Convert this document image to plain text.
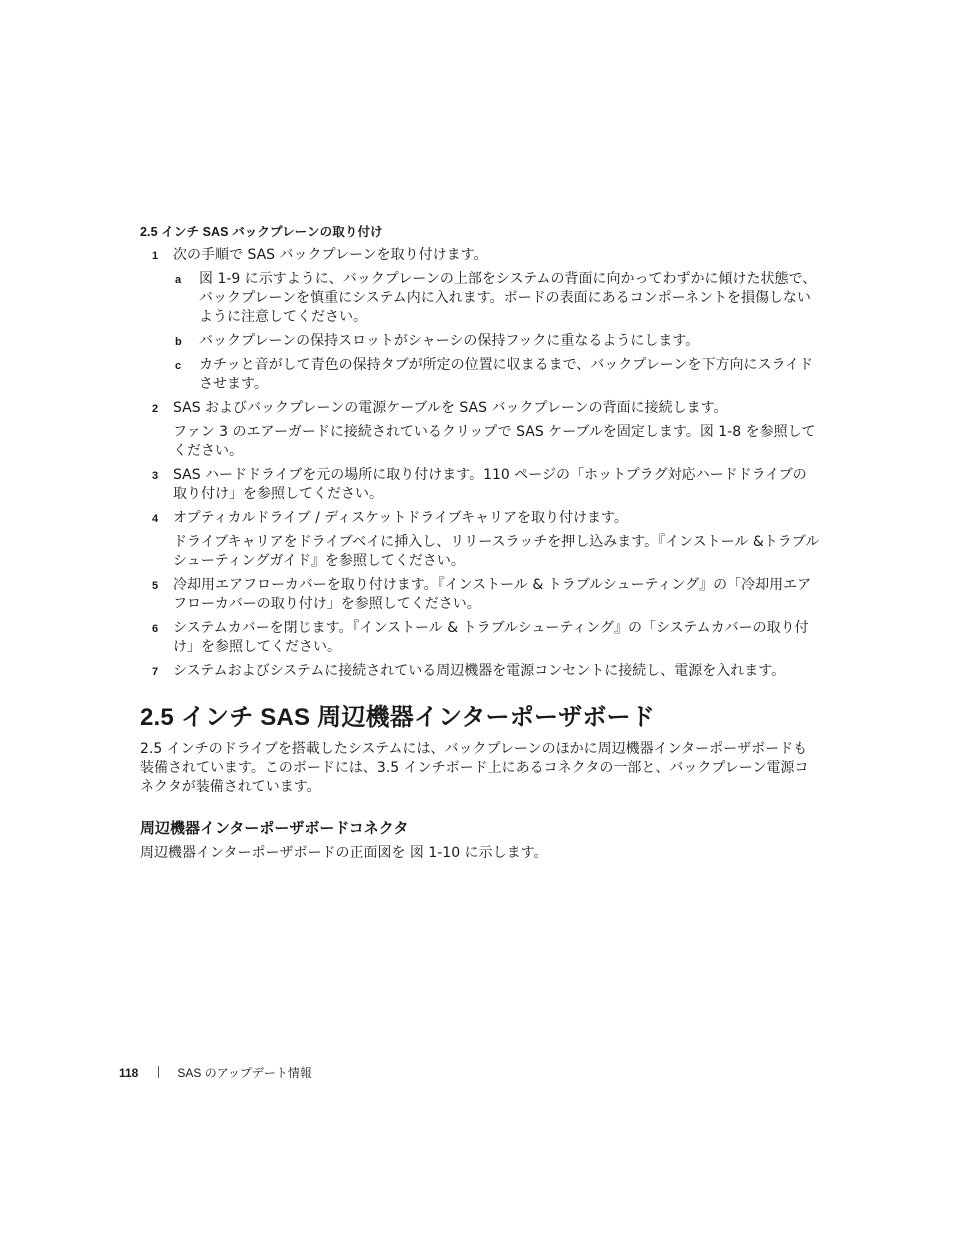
2.5 インチ SAS バックプレーンの取り付け
1 次の手順で SAS バックプレーンを取り付けます。
a 図 1-9 に示すように、バックプレーンの上部をシステムの背面に向かってわずかに傾けた状態で、バックプレーンを慎重にシステム内に入れます。ボードの表面にあるコンポーネントを損傷しないように注意してください。
b バックプレーンの保持スロットがシャーシの保持フックに重なるようにします。
c カチッと音がして青色の保持タブが所定の位置に収まるまで、バックプレーンを下方向にスライドさせます。
2 SAS およびバックプレーンの電源ケーブルを SAS バックプレーンの背面に接続します。
ファン 3 のエアーガードに接続されているクリップで SAS ケーブルを固定します。図 1-8 を参照してください。
3 SAS ハードドライブを元の場所に取り付けます。110 ページの「ホットプラグ対応ハードドライブの取り付け」を参照してください。
4 オプティカルドライブ / ディスケットドライブキャリアを取り付けます。
ドライブキャリアをドライブベイに挿入し、リリースラッチを押し込みます。『インストール &トラブルシューティングガイド』を参照してください。
5 冷却用エアフローカバーを取り付けます。『インストール & トラブルシューティング』の「冷却用エアフローカバーの取り付け」を参照してください。
6 システムカバーを閉じます。『インストール & トラブルシューティング』の「システムカバーの取り付け」を参照してください。
7 システムおよびシステムに接続されている周辺機器を電源コンセントに接続し、電源を入れます。
2.5 インチ SAS 周辺機器インターポーザボード
2.5 インチのドライブを搭載したシステムには、バックプレーンのほかに周辺機器インターポーザボードも装備されています。このボードには、3.5 インチボード上にあるコネクタの一部と、バックプレーン電源コネクタが装備されています。
周辺機器インターポーザボードコネクタ
周辺機器インターポーザボードの正面図を 図 1-10 に示します。
118	SAS のアップデート情報
